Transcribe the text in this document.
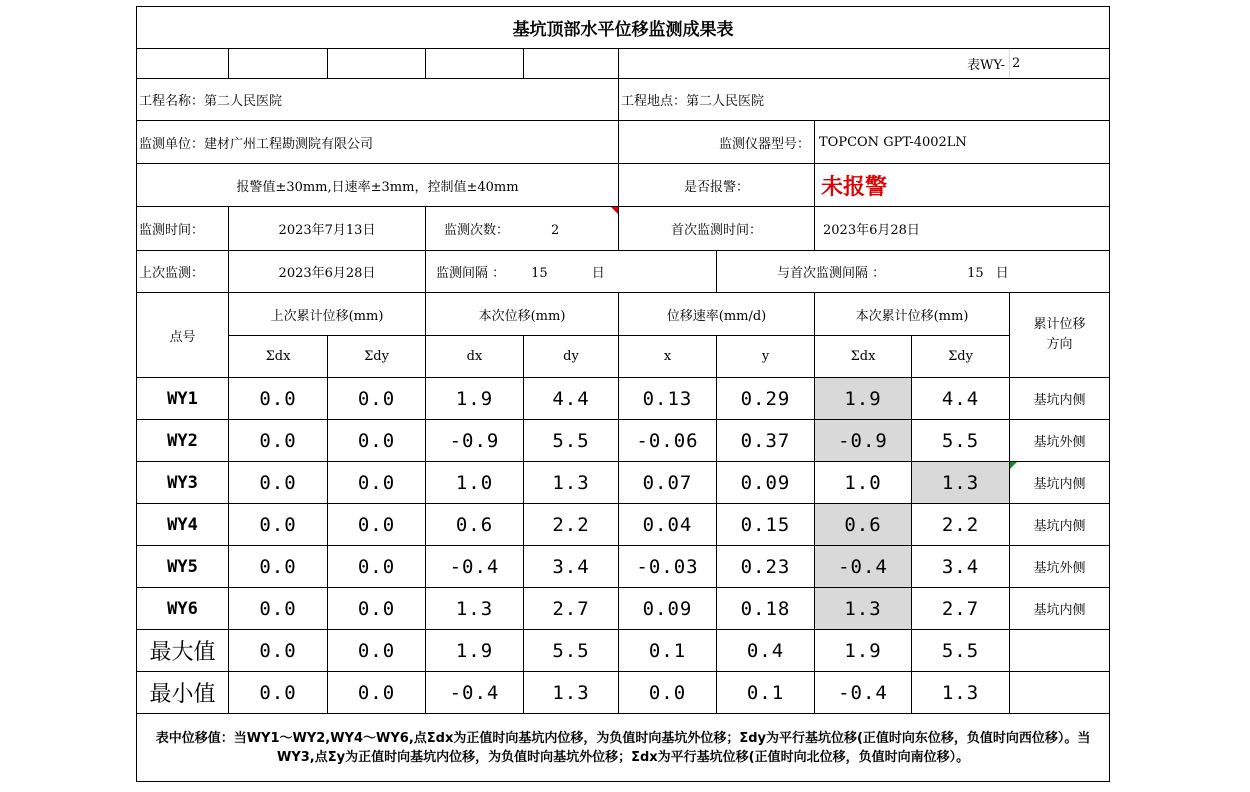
基坑顶部水平位移监测成果表									
					表WY-				2
工程名称：第二人民医院					工程地点：第二人民医院				
监测单位：建材广州工程勘测院有限公司					监测仪器型号：		TOPCON GPT-4002LN		
报警值±30mm,日速率±3mm，控制值±40mm					是否报警：		未报警		
监测时间：	2023年7月13日		监测次数： 2		首次监测时间：		2023年6月28日		
上次监测：	2023年6月28日		监测间隔 ： 15 日			与首次监测间隔 ： 15 日			
点号	上次累计位移(mm)		本次位移(mm)		位移速率(mm/d)		本次累计位移(mm)		累计位移方向
	Σdx	Σdy	dx	dy	x	y	Σdx	Σdy	
WY1	0.0	0.0	1.9	4.4	0.13	0.29	1.9	4.4	基坑内侧
WY2	0.0	0.0	-0.9	5.5	-0.06	0.37	-0.9	5.5	基坑外侧
WY3	0.0	0.0	1.0	1.3	0.07	0.09	1.0	1.3	基坑内侧
WY4	0.0	0.0	0.6	2.2	0.04	0.15	0.6	2.2	基坑内侧
WY5	0.0	0.0	-0.4	3.4	-0.03	0.23	-0.4	3.4	基坑外侧
WY6	0.0	0.0	1.3	2.7	0.09	0.18	1.3	2.7	基坑内侧
最大值	0.0	0.0	1.9	5.5	0.1	0.4	1.9	5.5	
最小值	0.0	0.0	-0.4	1.3	0.0	0.1	-0.4	1.3	
表中位移值：当WY1～WY2,WY4～WY6,点Σdx为正值时向基坑内位移，为负值时向基坑外位移；Σdy为平行基坑位移(正值时向东位移，负值时向西位移）。当WY3,点Σy为正值时向基坑内位移，为负值时向基坑外位移；Σdx为平行基坑位移(正值时向北位移，负值时向南位移）。									
